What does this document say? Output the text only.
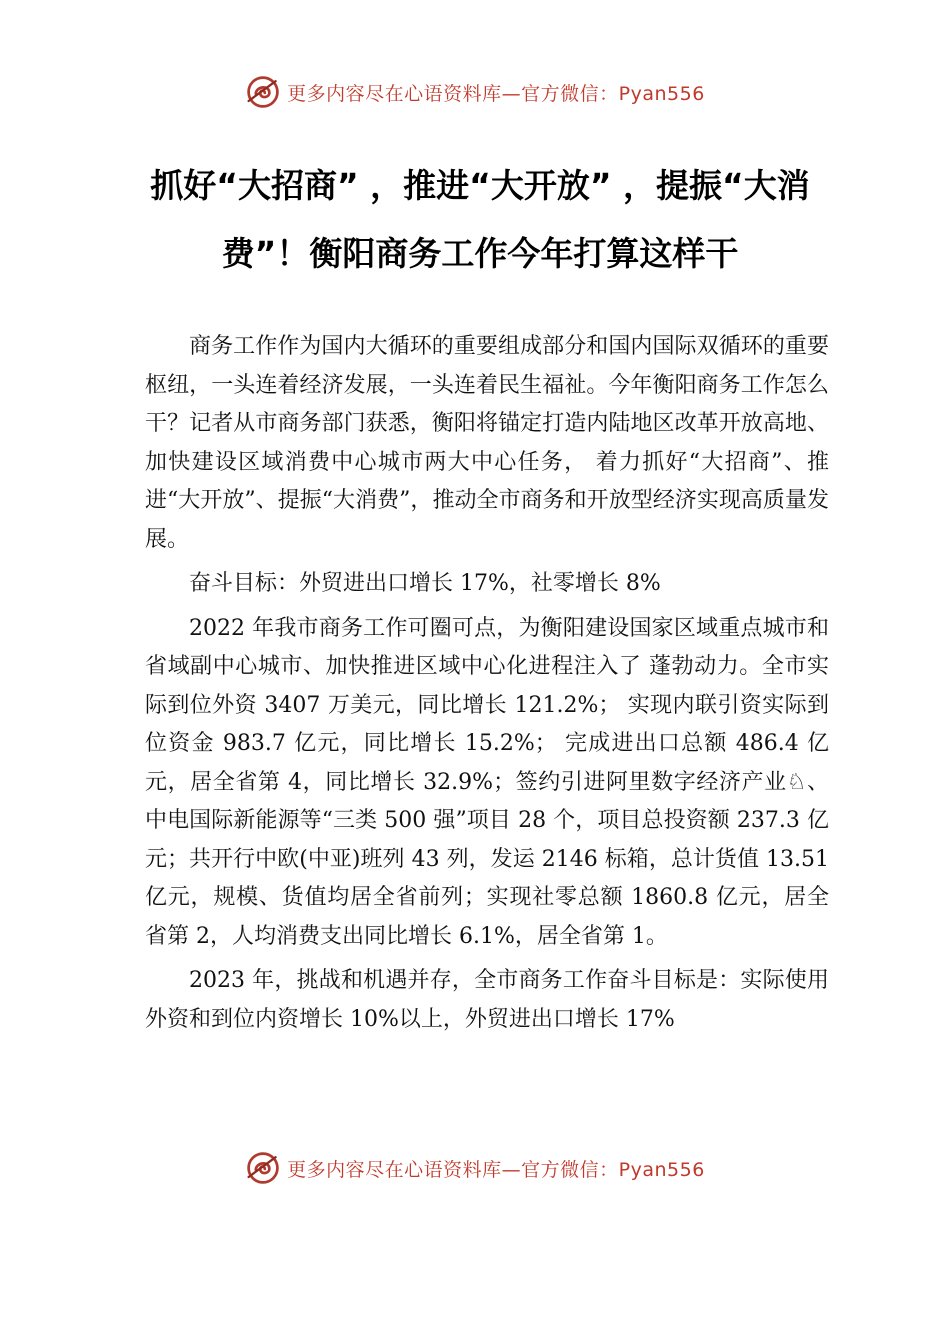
更多内容尽在心语资料库—官方微信：Pyan556
抓好“大招商” ，推进“大开放” ，提振“大消费”！衡阳商务工作今年打算这样干

商务工作作为国内大循环的重要组成部分和国内国际双循环的重要枢纽，一头连着经济发展，一头连着民生福祉。今年衡阳商务工作怎么干？记者从市商务部门获悉，衡阳将锚定打造内陆地区改革开放高地、加快建设区域消费中心城市两大中心任务， 着力抓好“大招商”、推进“大开放”、提振“大消费”，推动全市商务和开放型经济实现高质量发展。

奋斗目标：外贸进出口增长 17%，社零增长 8%

2022 年我市商务工作可圈可点，为衡阳建设国家区域重点城市和省域副中心城市、加快推进区域中心化进程注入了 蓬勃动力。全市实际到位外资 3407 万美元，同比增长 121.2%； 实现内联引资实际到位资金 983.7 亿元，同比增长 15.2%； 完成进出口总额 486.4 亿元，居全省第 4，同比增长 32.9%；签约引进阿里数字经济产业♘、中电国际新能源等“三类 500 强”项目 28 个，项目总投资额 237.3 亿元；共开行中欧(中亚)班列 43 列，发运 2146 标箱，总计货值 13.51 亿元，规模、货值均居全省前列；实现社零总额 1860.8 亿元，居全省第 2，人均消费支出同比增长 6.1%，居全省第 1。

2023 年，挑战和机遇并存，全市商务工作奋斗目标是：实际使用外资和到位内资增长 10%以上，外贸进出口增长 17%

更多内容尽在心语资料库—官方微信：Pyan556
